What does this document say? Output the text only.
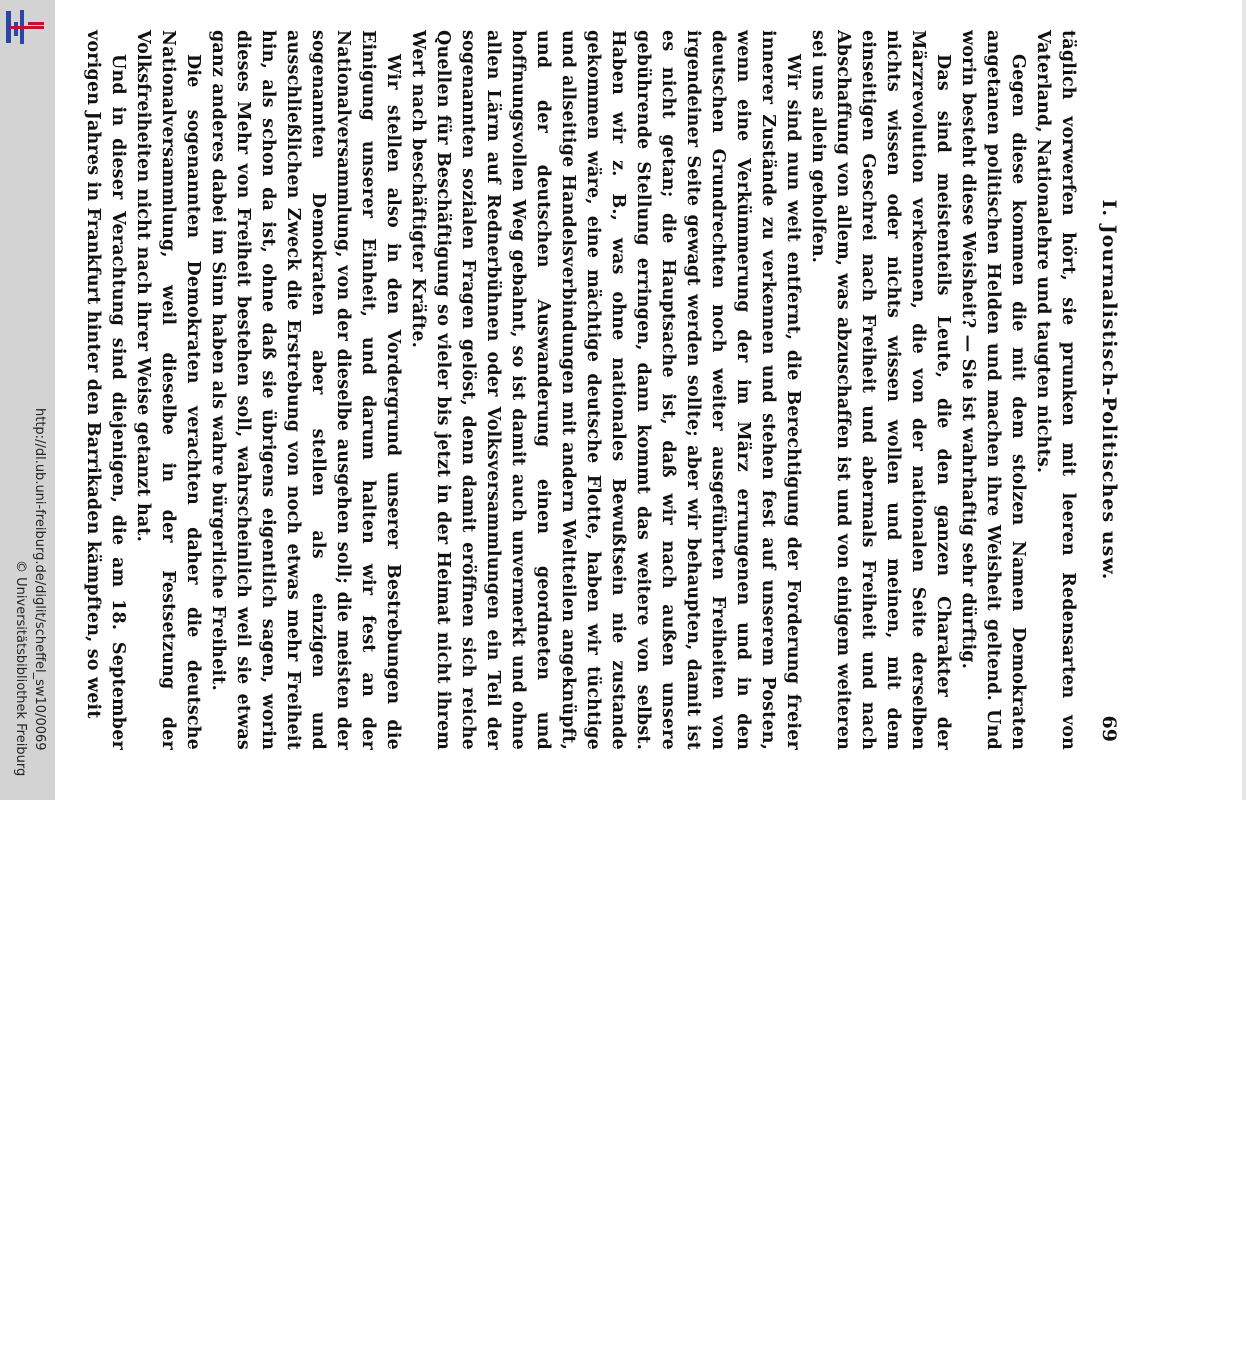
http://dl.ub.uni-freiburg.de/diglit/scheffel_sw10/0069
© Universitätsbibliothek Freiburg
I. Journalistisch-Politisches usw.
69

täglich vorwerfen hört, sie prunken mit leeren Redensarten von Vaterland, Nationalehre und taugten nichts.

Gegen diese kommen die mit dem stolzen Namen Demokraten angetanen politischen Helden und machen ihre Weisheit geltend. Und worin besteht diese Weisheit? — Sie ist wahrhaftig sehr dürftig.

Das sind meistenteils Leute, die den ganzen Charakter der Märzrevolution verkennen, die von der nationalen Seite derselben nichts wissen oder nichts wissen wollen und meinen, mit dem einseitigen Geschrei nach Freiheit und abermals Freiheit und nach Abschaffung von allem, was abzuschaffen ist und von einigem weiteren sei uns allein geholfen.

Wir sind nun weit entfernt, die Berechtigung der Forderung freier innerer Zustände zu verkennen und stehen fest auf unserem Posten, wenn eine Verkümmerung der im März errungenen und in den deutschen Grundrechten noch weiter ausgeführten Freiheiten von irgendeiner Seite gewagt werden sollte; aber wir behaupten, damit ist es nicht getan; die Hauptsache ist, daß wir nach außen unsere gebührende Stellung erringen, dann kommt das weitere von selbst. Haben wir z. B., was ohne nationales Bewußtsein nie zustande gekommen wäre, eine mächtige deutsche Flotte, haben wir tüchtige und allseitige Handelsverbindungen mit andern Weltteilen angeknüpft, und der deutschen Auswanderung einen geordneten und hoffnungsvollen Weg gebahnt, so ist damit auch unvermerkt und ohne allen Lärm auf Rednerbühnen oder Volksversammlungen ein Teil der sogenannten sozialen Fragen gelöst, denn damit eröffnen sich reiche Quellen für Beschäftigung so vieler bis jetzt in der Heimat nicht ihrem Wert nach beschäftigter Kräfte.

Wir stellen also in den Vordergrund unserer Bestrebungen die Einigung unserer Einheit, und darum halten wir fest an der Nationalversammlung, von der dieselbe ausgehen soll; die meisten der sogenannten Demokraten aber stellen als einzigen und ausschließlichen Zweck die Erstrebung von noch etwas mehr Freiheit hin, als schon da ist, ohne daß sie übrigens eigentlich sagen, worin dieses Mehr von Freiheit bestehen soll, wahrscheinlich weil sie etwas ganz anderes dabei im Sinn haben als wahre bürgerliche Freiheit.

Die sogenannten Demokraten verachten daher die deutsche Nationalversammlung, weil dieselbe in der Festsetzung der Volksfreiheiten nicht nach ihrer Weise getanzt hat.

Und in dieser Verachtung sind diejenigen, die am 18. September vorigen Jahres in Frankfurt hinter den Barrikaden kämpften, so weit
